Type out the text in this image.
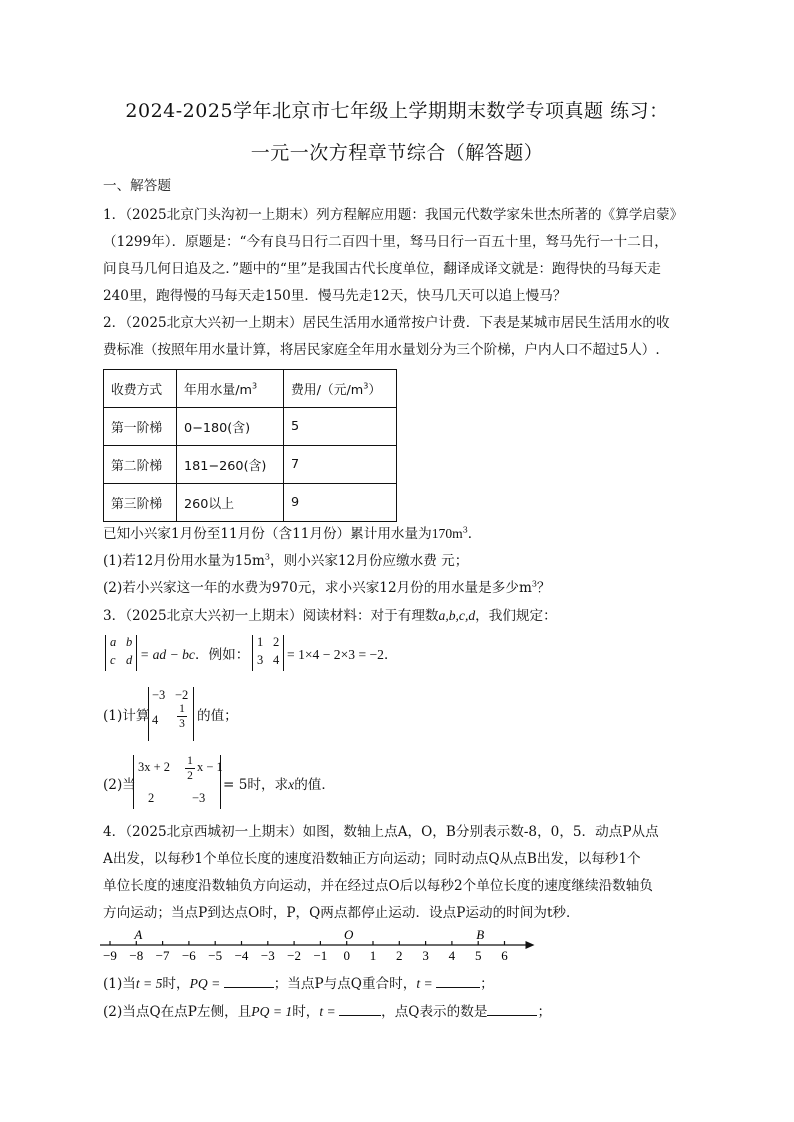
2024-2025学年北京市七年级上学期期末数学专项真题 练习：
一元一次方程章节综合（解答题）
一、解答题
1．（2025北京门头沟初一上期末）列方程解应用题：我国元代数学家朱世杰所著的《算学启蒙》
（1299年）．原题是：“今有良马日行二百四十里，驽马日行一百五十里，驽马先行一十二日，
问良马几何日追及之．”题中的“里”是我国古代长度单位，翻译成译文就是：跑得快的马每天走
240里，跑得慢的马每天走150里．慢马先走12天，快马几天可以追上慢马？
2．（2025北京大兴初一上期末）居民生活用水通常按户计费．下表是某城市居民生活用水的收
费标准（按照年用水量计算，将居民家庭全年用水量划分为三个阶梯，户内人口不超过5人）.
收费方式	年用水量$/m^3$	费用/（元$/m^3$）
第一阶梯	0−180(含)	5
第二阶梯	181−260(含)	7
第三阶梯	260以上	9
已知小兴家1月份至11月份（含11月份）累计用水量为$170m^3$．
(1)若12月份用水量为$15m^3$，则小兴家12月份应缴水费 元；
(2)若小兴家这一年的水费为970元，求小兴家12月份的用水量是多少$m^3$？
3．（2025北京大兴初一上期末）阅读材料：对于有理数a,b,c,d，我们规定：
a b
c d = ad − bc．例如：
1 2
3 4 = 1×4 − 2×3 = −2．
(1)计算
−3 −2
4
1
3 的值；
(2)当
3x + 2 1
2
x − 1
2	−3
= 5时，求x的值．
4．（2025北京西城初一上期末）如图，数轴上点A，O，B分别表示数-8，0，5．动点P从点
A出发，以每秒1个单位长度的速度沿数轴正方向运动；同时动点Q从点B出发，以每秒1个
单位长度的速度沿数轴负方向运动，并在经过点O后以每秒2个单位长度的速度继续沿数轴负
方向运动；当点P到达点O时，P，Q两点都停止运动．设点P运动的时间为t秒．
−9 −8 −7 −6 −5 −4 −3 −2 −1 0 1 2 3 4 5 6
A	O	B
(1)当t = 5时，PQ =	；当点P与点Q重合时，t =	；
(2)当点Q在点P左侧，且PQ = 1时，t =	，点Q表示的数是	；
